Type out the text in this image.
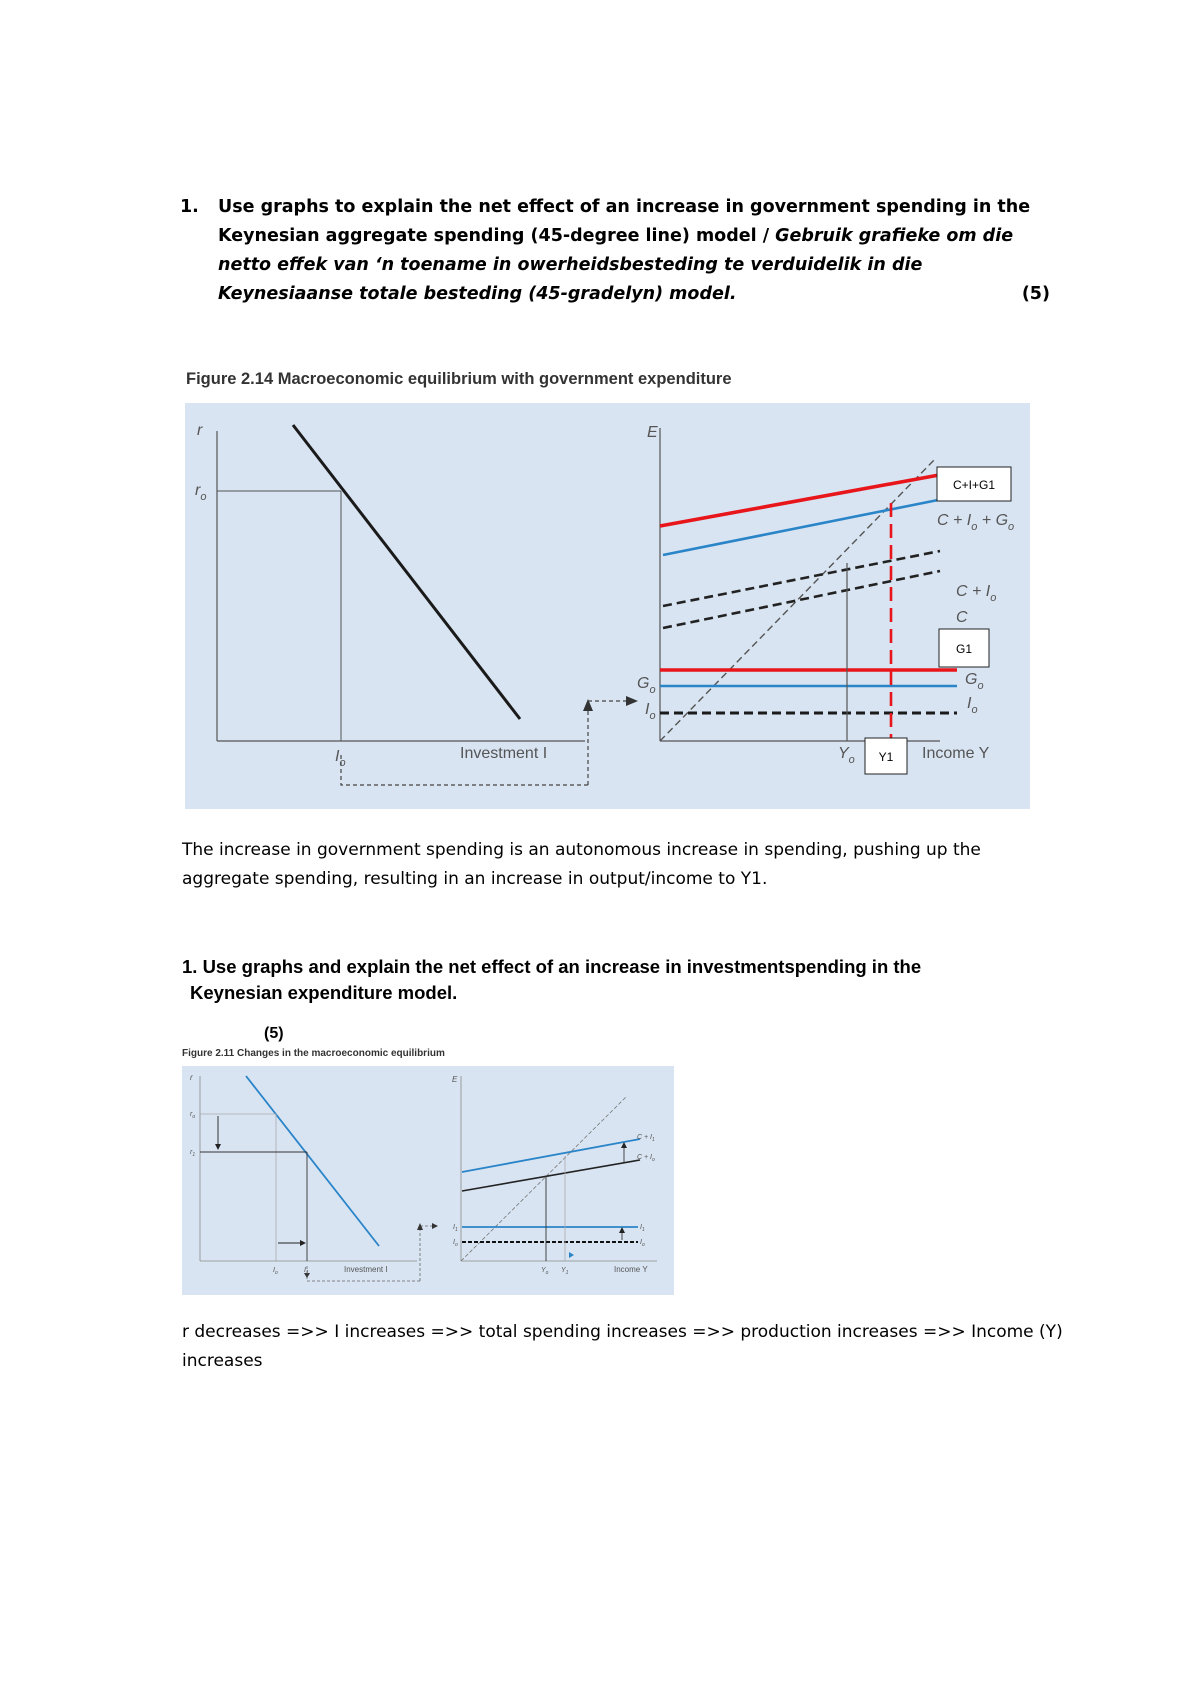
1. Use graphs to explain the net effect of an increase in government spending in the Keynesian aggregate spending (45-degree line) model / Gebruik grafieke om die netto effek van ‘n toename in owerheidsbesteding te verduidelik in die Keynesiaanse totale besteding (45-gradelyn) model.	(5)
Figure 2.14 Macroeconomic equilibrium with government expenditure
r
$r_o$
$I_o$
Investment I
E
$G_o$
$I_o$
$Y_o$	Income Y
C
$C + I_o$
$C + I_o + G_o$
$G_o$
$I_o$
C+I+G1
G1
Y1
The increase in government spending is an autonomous increase in spending, pushing up the aggregate spending, resulting in an increase in output/income to Y1.
1. Use graphs and explain the net effect of an increase in investmentspending in the
Keynesian expenditure model.
(5)
Figure 2.11 Changes in the macroeconomic equilibrium
r
$r_o$
$r_1$
$I_o$	$I_1$	Investment I
E
$I_1$
$I_o$
$Y_o$ $Y_1$	Income Y
$C + I_1$
$C + I_o$
$I_1$
$I_o$
r decreases =>> I increases =>> total spending increases =>> production increases =>> Income (Y) increases
